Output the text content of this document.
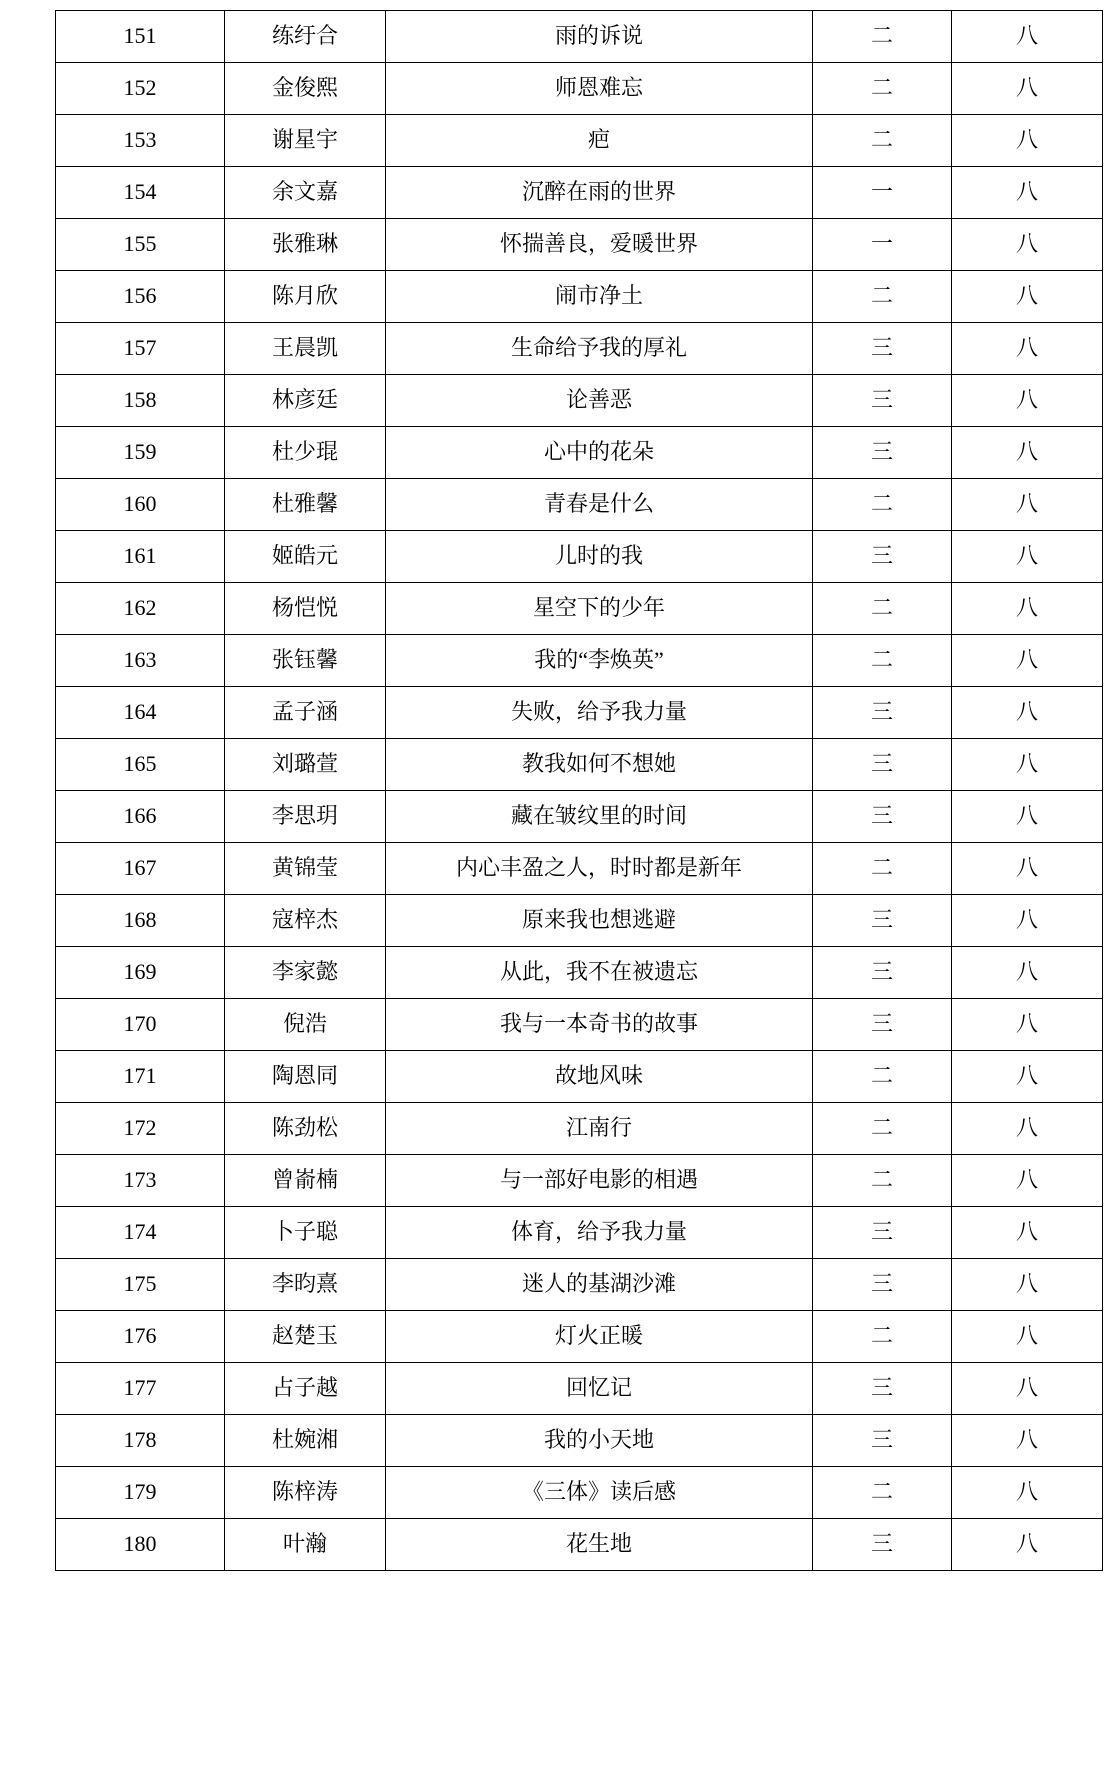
151	练纡合	雨的诉说	二	八
152	金俊熙	师恩难忘	二	八
153	谢星宇	疤	二	八
154	余文嘉	沉醉在雨的世界	一	八
155	张雅琳	怀揣善良，爱暖世界	一	八
156	陈月欣	闹市净土	二	八
157	王晨凯	生命给予我的厚礼	三	八
158	林彦廷	论善恶	三	八
159	杜少琨	心中的花朵	三	八
160	杜雅馨	青春是什么	二	八
161	姬皓元	儿时的我	三	八
162	杨恺悦	星空下的少年	二	八
163	张钰馨	我的“李焕英”	二	八
164	孟子涵	失败，给予我力量	三	八
165	刘璐萱	教我如何不想她	三	八
166	李思玥	藏在皱纹里的时间	三	八
167	黄锦莹	内心丰盈之人，时时都是新年	二	八
168	寇梓杰	原来我也想逃避	三	八
169	李家懿	从此，我不在被遗忘	三	八
170	倪浩	我与一本奇书的故事	三	八
171	陶恩同	故地风味	二	八
172	陈劲松	江南行	二	八
173	曾嵛楠	与一部好电影的相遇	二	八
174	卜子聪	体育，给予我力量	三	八
175	李昀熹	迷人的基湖沙滩	三	八
176	赵楚玉	灯火正暖	二	八
177	占子越	回忆记	三	八
178	杜婉湘	我的小天地	三	八
179	陈梓涛	《三体》读后感	二	八
180	叶瀚	花生地	三	八
